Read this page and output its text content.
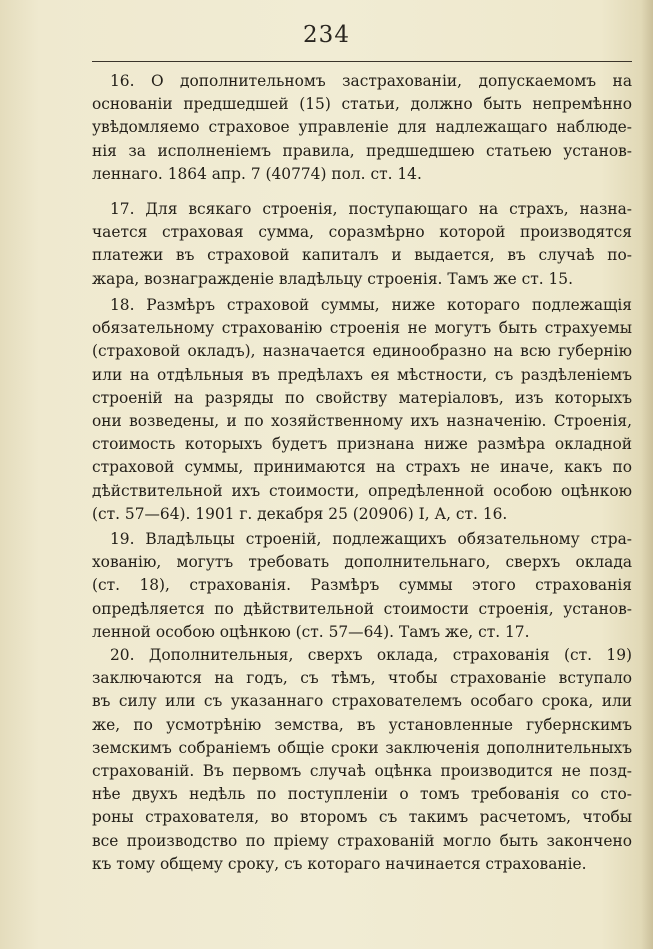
234
16. О дополнительномъ застрахованіи, допускаемомъ на
основаніи предшедшей (15) статьи, должно быть непремѣнно
увѣдомляемо страховое управленіе для надлежащаго наблюде-
нія за исполненіемъ правила, предшедшею статьею установ-
леннаго. 1864 апр. 7 (40774) пол. ст. 14.
17. Для всякаго строенія, поступающаго на страхъ, назна-
чается страховая сумма, соразмѣрно которой производятся
платежи въ страховой капиталъ и выдается, въ случаѣ по-
жара, вознагражденіе владѣльцу строенія. Тамъ же ст. 15.
18. Размѣръ страховой суммы, ниже котораго подлежащія
обязательному страхованію строенія не могутъ быть страхуемы
(страховой окладъ), назначается единообразно на всю губернію
или на отдѣльныя въ предѣлахъ ея мѣстности, съ раздѣленіемъ
строеній на разряды по свойству матеріаловъ, изъ которыхъ
они возведены, и по хозяйственному ихъ назначенію. Строенія,
стоимость которыхъ будетъ признана ниже размѣра окладной
страховой суммы, принимаются на страхъ не иначе, какъ по
дѣйствительной ихъ стоимости, опредѣленной особою оцѣнкою
(ст. 57—64). 1901 г. декабря 25 (20906) I, А, ст. 16.
19. Владѣльцы строеній, подлежащихъ обязательному стра-
хованію, могутъ требовать дополнительнаго, сверхъ оклада
(ст. 18), страхованія. Размѣръ суммы этого страхованія
опредѣляется по дѣйствительной стоимости строенія, установ-
ленной особою оцѣнкою (ст. 57—64). Тамъ же, ст. 17.
20. Дополнительныя, сверхъ оклада, страхованія (ст. 19)
заключаются на годъ, съ тѣмъ, чтобы страхованіе вступало
въ силу или съ указаннаго страхователемъ особаго срока, или
же, по усмотрѣнію земства, въ установленные губернскимъ
земскимъ собраніемъ общіе сроки заключенія дополнительныхъ
страхованій. Въ первомъ случаѣ оцѣнка производится не позд-
нѣе двухъ недѣль по поступленіи о томъ требованія со сто-
роны страхователя, во второмъ съ такимъ расчетомъ, чтобы
все производство по пріему страхованій могло быть закончено
къ тому общему сроку, съ котораго начинается страхованіе.
